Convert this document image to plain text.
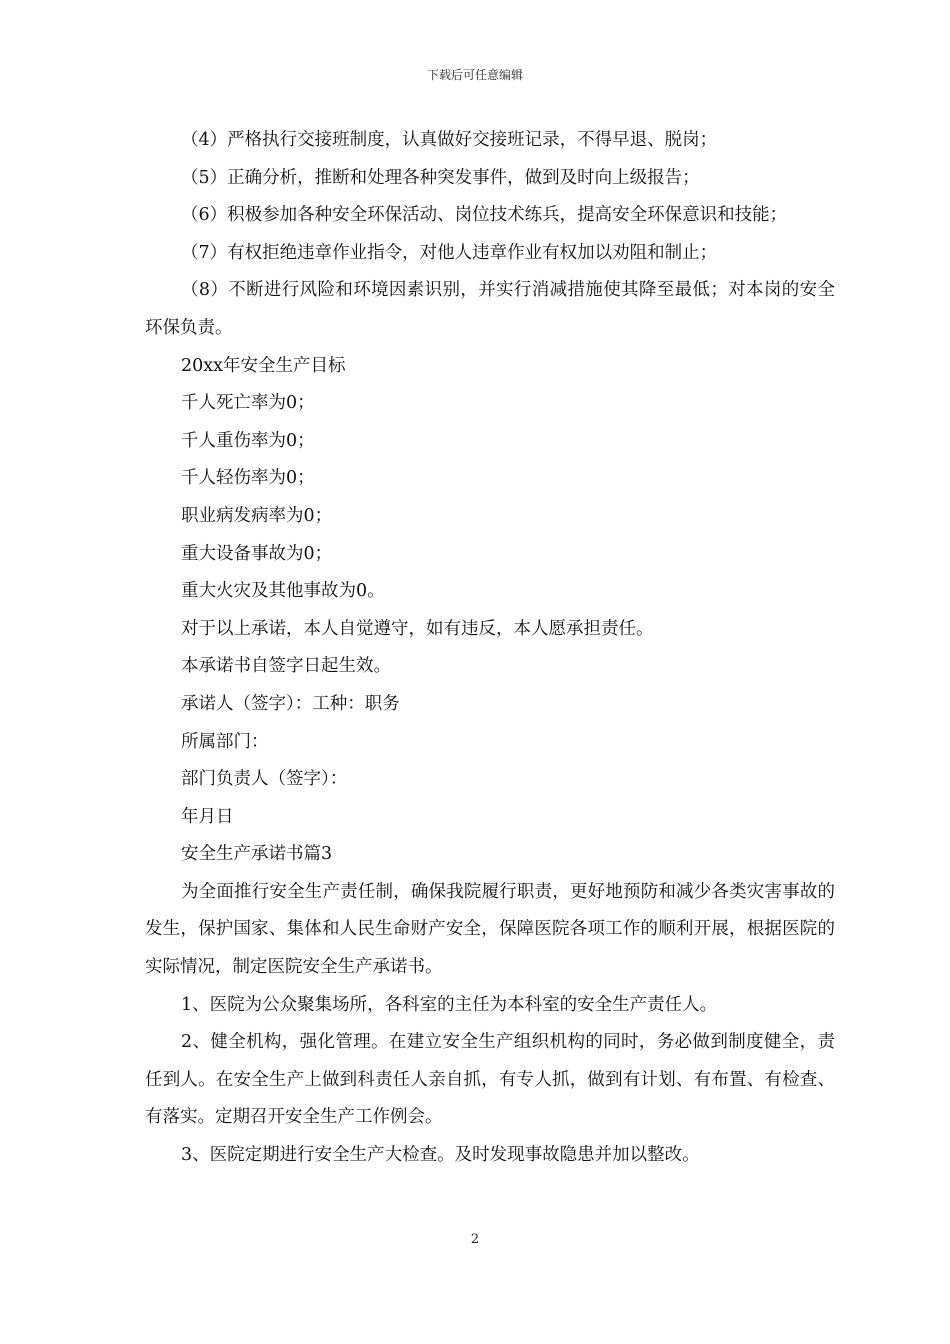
下载后可任意编辑

（4）严格执行交接班制度，认真做好交接班记录，不得早退、脱岗；

（5）正确分析，推断和处理各种突发事件，做到及时向上级报告；

（6）积极参加各种安全环保活动、岗位技术练兵，提高安全环保意识和技能；

（7）有权拒绝违章作业指令，对他人违章作业有权加以劝阻和制止；

（8）不断进行风险和环境因素识别，并实行消减措施使其降至最低；对本岗的安全环保负责。

20xx年安全生产目标

千人死亡率为0；

千人重伤率为0；

千人轻伤率为0；

职业病发病率为0；

重大设备事故为0；

重大火灾及其他事故为0。

对于以上承诺，本人自觉遵守，如有违反，本人愿承担责任。

本承诺书自签字日起生效。

承诺人（签字）：工种：职务

所属部门：

部门负责人（签字）：

年月日

安全生产承诺书篇3

为全面推行安全生产责任制，确保我院履行职责，更好地预防和减少各类灾害事故的发生，保护国家、集体和人民生命财产安全，保障医院各项工作的顺利开展，根据医院的实际情况，制定医院安全生产承诺书。

1、医院为公众聚集场所，各科室的主任为本科室的安全生产责任人。

2、健全机构，强化管理。在建立安全生产组织机构的同时，务必做到制度健全，责任到人。在安全生产上做到科责任人亲自抓，有专人抓，做到有计划、有布置、有检查、有落实。定期召开安全生产工作例会。

3、医院定期进行安全生产大检查。及时发现事故隐患并加以整改。

2
